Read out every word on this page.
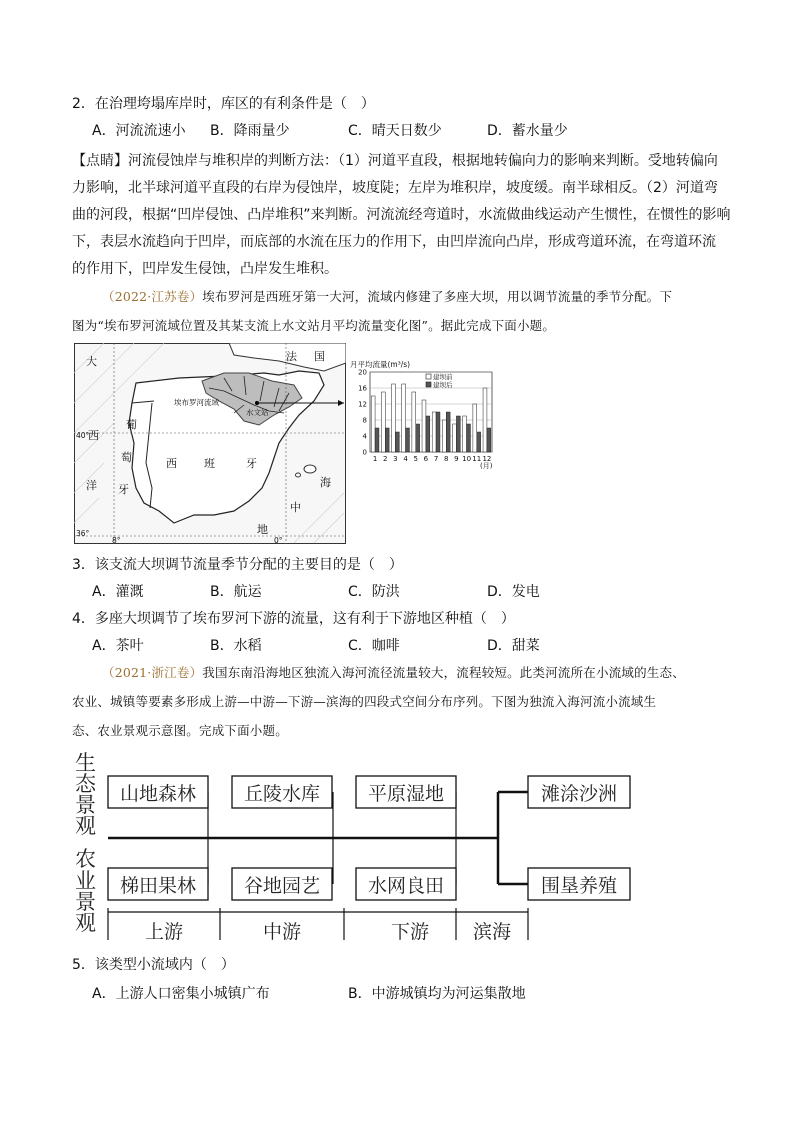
2．在治理垮塌库岸时，库区的有利条件是（　）
A．河流流速小 B．降雨量少	C．晴天日数少	D．蓄水量少
【点睛】河流侵蚀岸与堆积岸的判断方法：（1）河道平直段，根据地转偏向力的影响来判断。受地转偏向
力影响，北半球河道平直段的右岸为侵蚀岸，坡度陡；左岸为堆积岸，坡度缓。南半球相反。（2）河道弯
曲的河段，根据“凹岸侵蚀、凸岸堆积”来判断。河流流经弯道时，水流做曲线运动产生惯性，在惯性的影响
下，表层水流趋向于凹岸，而底部的水流在压力的作用下，由凹岸流向凸岸，形成弯道环流，在弯道环流
的作用下，凹岸发生侵蚀，凸岸发生堆积。
（2022·江苏卷）埃布罗河是西班牙第一大河，流域内修建了多座大坝，用以调节流量的季节分配。下
图为“埃布罗河流域位置及其某支流上水文站月平均流量变化图”。据此完成下面小题。
大
西
洋
葡
萄
牙
西 班	牙
法 国
海
中
地
埃布罗河流域
水文站
40°
36°
8°	0°
月平均流量(m³/s)
0
4
8
12
16
20
1 2 3 4 5 6 7 8 9 10 11 12
(月)
建坝前
建坝后
3．该支流大坝调节流量季节分配的主要目的是（　）
A．灌溉	B．航运	C．防洪	D．发电
4．多座大坝调节了埃布罗河下游的流量，这有利于下游地区种植（　）
A．茶叶	B．水稻	C．咖啡	D．甜菜
（2021·浙江卷）我国东南沿海地区独流入海河流径流量较大，流程较短。此类河流所在小流域的生态、
农业、城镇等要素多形成上游—中游—下游—滨海的四段式空间分布序列。下图为独流入海河流小流域生
态、农业景观示意图。完成下面小题。
生
态
景
观
农
业
景
观
山地森林	丘陵水库	平原湿地	滩涂沙洲
梯田果林	谷地园艺	水网良田	围垦养殖
上游	中游	下游 滨海
5．该类型小流域内（　）
A．上游人口密集小城镇广布	B．中游城镇均为河运集散地
